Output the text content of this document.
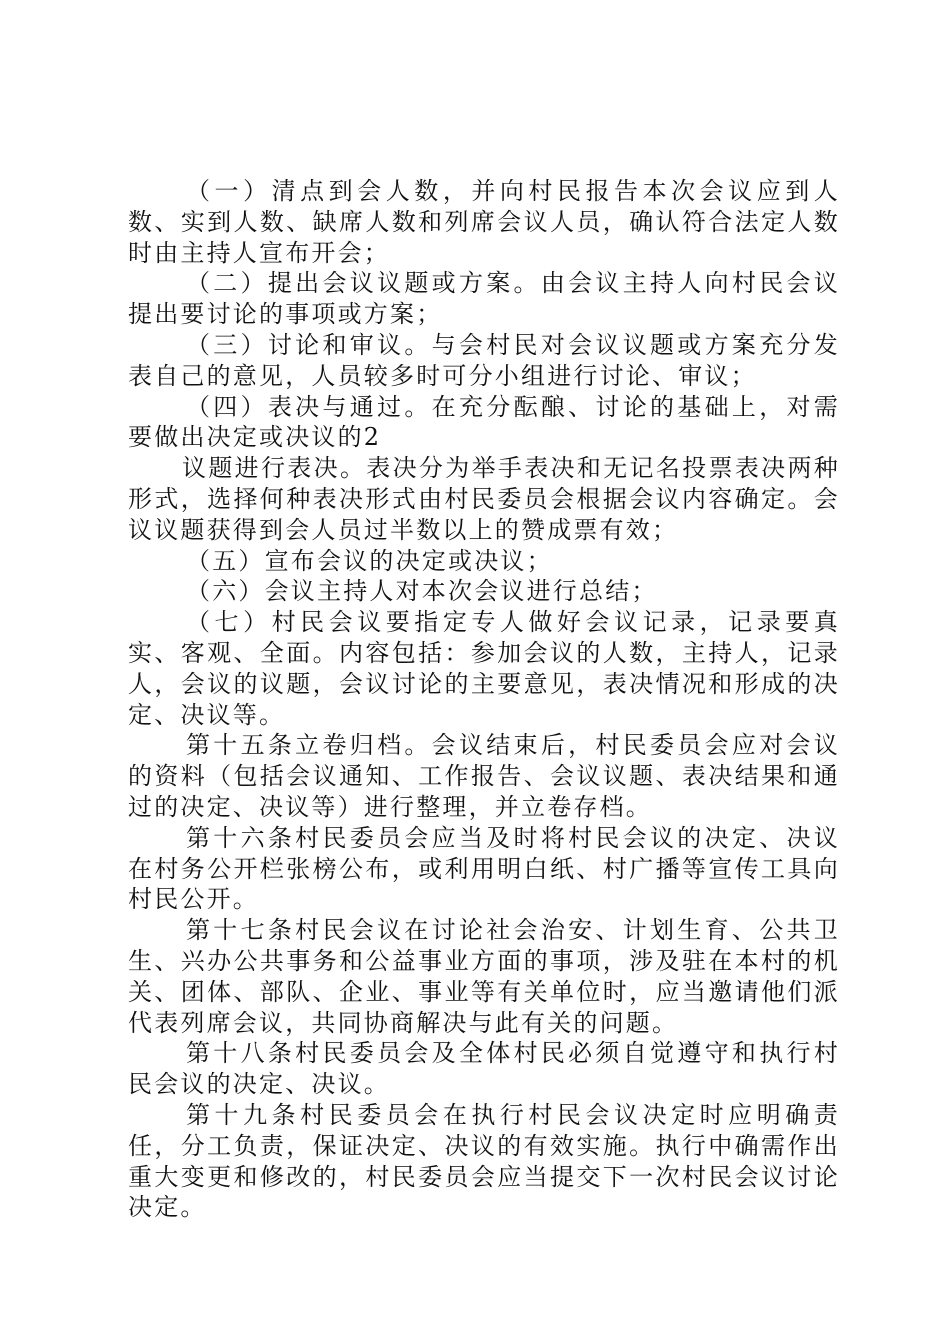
（一）清点到会人数，并向村民报告本次会议应到人数、实到人数、缺席人数和列席会议人员，确认符合法定人数时由主持人宣布开会；

（二）提出会议议题或方案。由会议主持人向村民会议提出要讨论的事项或方案；

（三）讨论和审议。与会村民对会议议题或方案充分发表自己的意见，人员较多时可分小组进行讨论、审议；

（四）表决与通过。在充分酝酿、讨论的基础上，对需要做出决定或决议的2

议题进行表决。表决分为举手表决和无记名投票表决两种形式，选择何种表决形式由村民委员会根据会议内容确定。会议议题获得到会人员过半数以上的赞成票有效；

（五）宣布会议的决定或决议；

（六）会议主持人对本次会议进行总结；

（七）村民会议要指定专人做好会议记录，记录要真实、客观、全面。内容包括：参加会议的人数，主持人，记录人，会议的议题，会议讨论的主要意见，表决情况和形成的决定、决议等。

第十五条立卷归档。会议结束后，村民委员会应对会议的资料（包括会议通知、工作报告、会议议题、表决结果和通过的决定、决议等）进行整理，并立卷存档。

第十六条村民委员会应当及时将村民会议的决定、决议在村务公开栏张榜公布，或利用明白纸、村广播等宣传工具向村民公开。

第十七条村民会议在讨论社会治安、计划生育、公共卫生、兴办公共事务和公益事业方面的事项，涉及驻在本村的机关、团体、部队、企业、事业等有关单位时，应当邀请他们派代表列席会议，共同协商解决与此有关的问题。

第十八条村民委员会及全体村民必须自觉遵守和执行村民会议的决定、决议。

第十九条村民委员会在执行村民会议决定时应明确责任，分工负责，保证决定、决议的有效实施。执行中确需作出重大变更和修改的，村民委员会应当提交下一次村民会议讨论决定。
